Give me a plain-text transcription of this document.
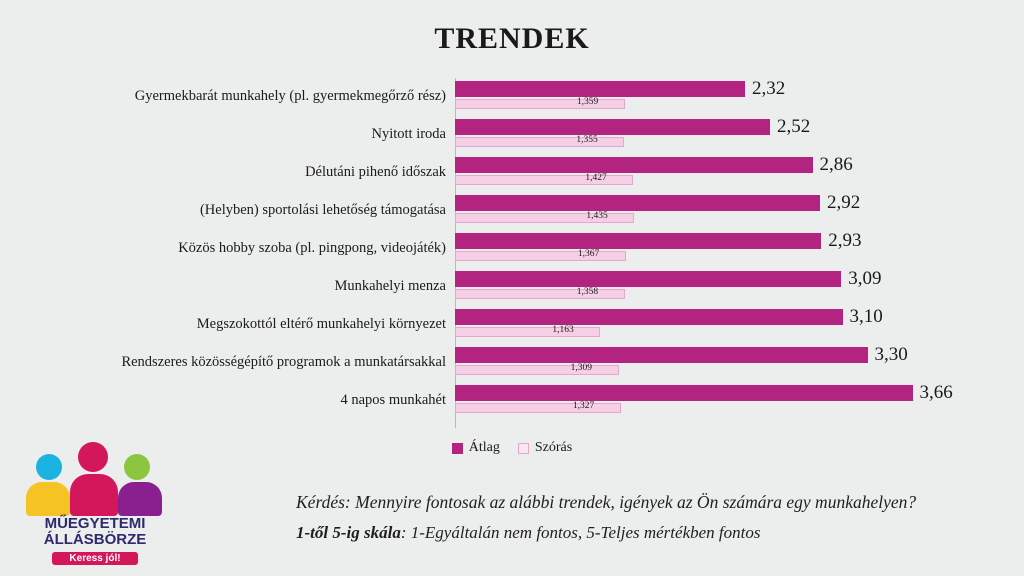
TRENDEK
Gyermekbarát munkahely (pl. gyermekmegőrző rész)	2,32
1,359
Nyitott iroda	2,52
1,355
Délutáni pihenő időszak	2,86
1,427
(Helyben) sportolási lehetőség támogatása	2,92
1,435
Közös hobby szoba (pl. pingpong, videojáték)	2,93
1,367
Munkahelyi menza	3,09
1,358
Megszokottól eltérő munkahelyi környezet	3,10
1,163
Rendszeres közösségépítő programok a munkatársakkal	3,30
1,309
4 napos munkahét	3,66
1,327
Átlag	Szórás
Kérdés: Mennyire fontosak az alábbi trendek, igények az Ön számára egy munkahelyen?
1-től 5-ig skála: 1-Egyáltalán nem fontos, 5-Teljes mértékben fontos
MŰEGYETEMI
ÁLLÁSBÖRZE
Keress jól!
